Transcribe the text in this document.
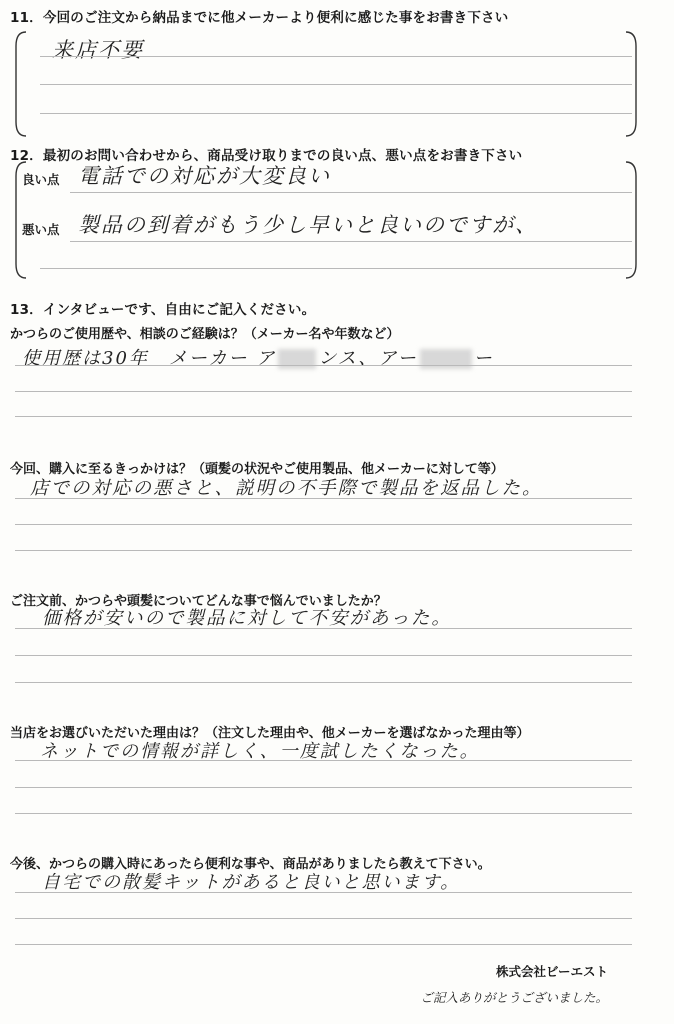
11．今回のご注文から納品までに他メーカーより便利に感じた事をお書き下さい
来店不要
12．最初のお問い合わせから、商品受け取りまでの良い点、悪い点をお書き下さい
良い点 電話での対応が大変良い
悪い点 製品の到着がもう少し早いと良いのですが、
13．インタビューです、自由にご記入ください。
かつらのご使用歴や、相談のご経験は？（メーカー名や年数など）
使用歴は30年　メーカー ア ンス、アー	ー
今回、購入に至るきっかけは？（頭髪の状況やご使用製品、他メーカーに対して等）
店での対応の悪さと、説明の不手際で製品を返品した。
ご注文前、かつらや頭髪についてどんな事で悩んでいましたか？
価格が安いので製品に対して不安があった。
当店をお選びいただいた理由は？（注文した理由や、他メーカーを選ばなかった理由等）
ネットでの情報が詳しく、一度試したくなった。
今後、かつらの購入時にあったら便利な事や、商品がありましたら教えて下さい。
自宅での散髪キットがあると良いと思います。
株式会社ビーエスト
ご記入ありがとうございました。
